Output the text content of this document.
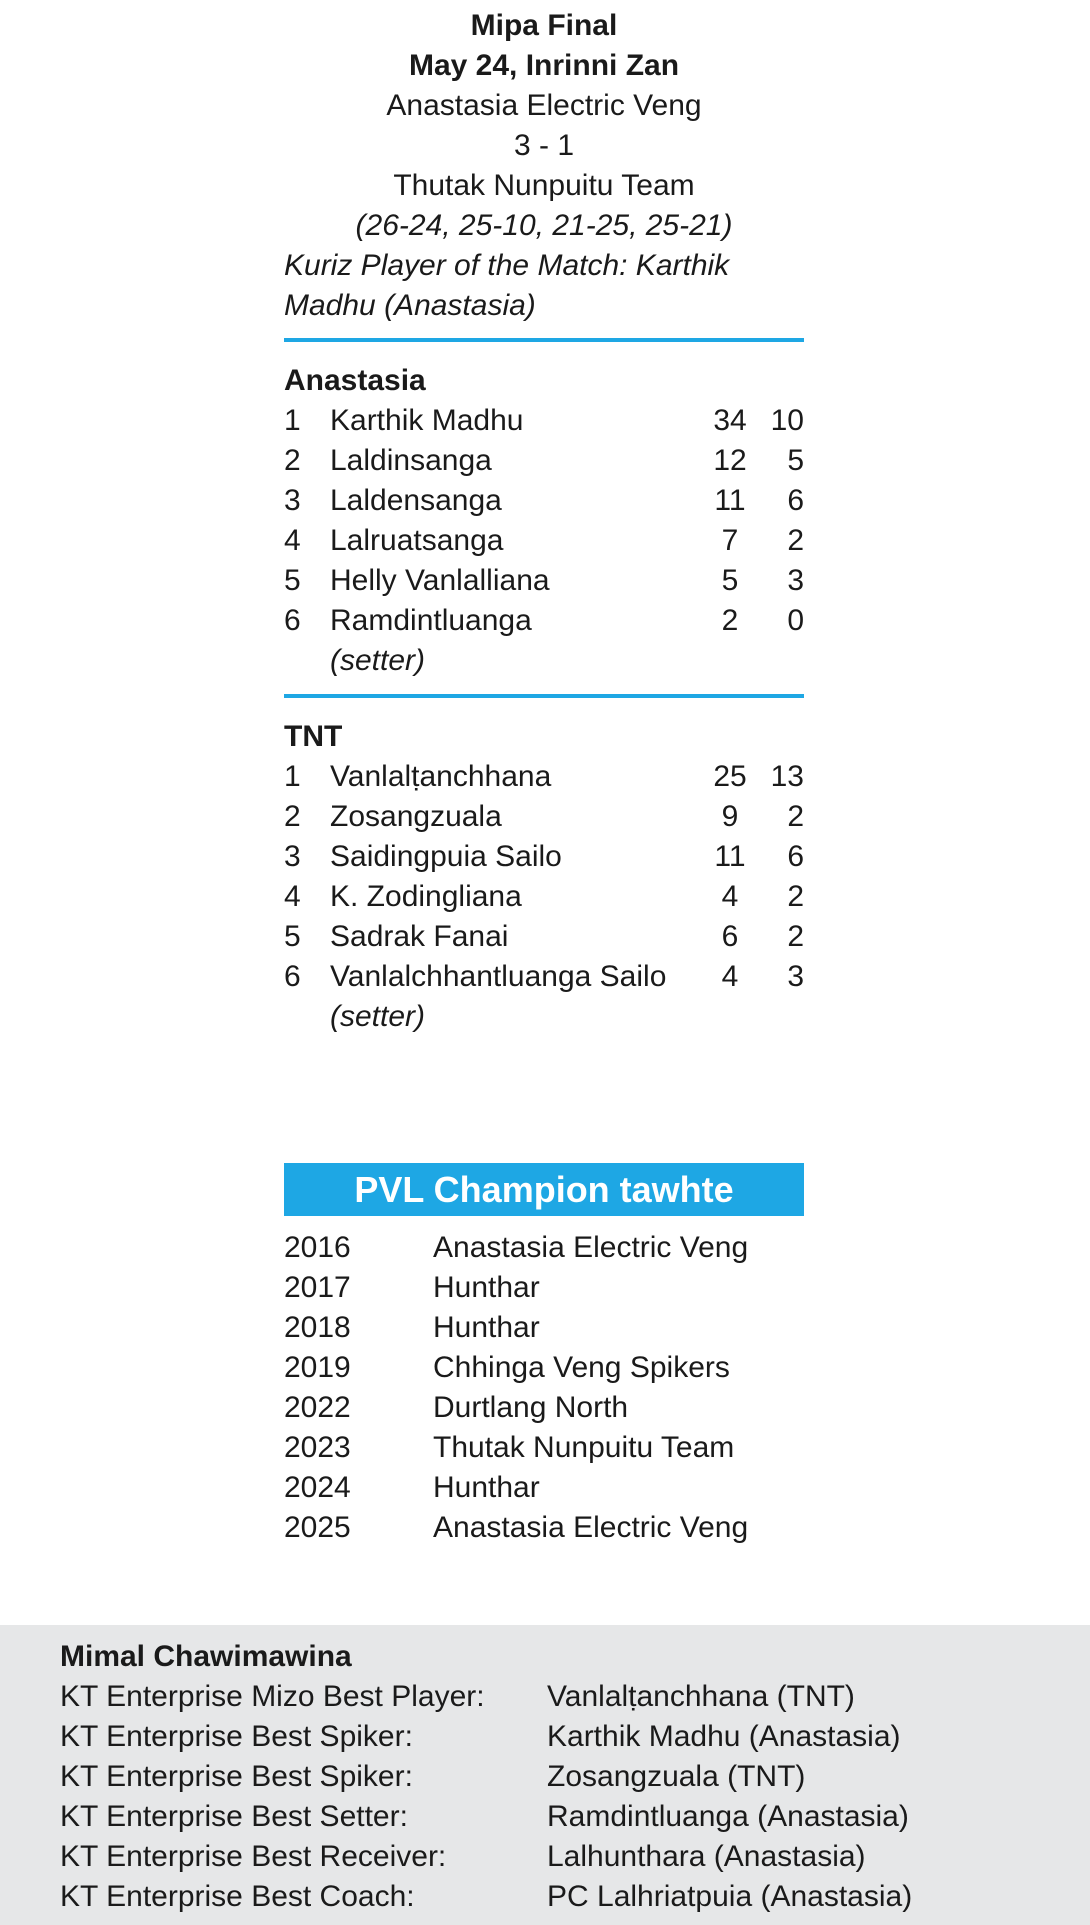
Mipa Final
May 24, Inrinni Zan
Anastasia Electric Veng
3 - 1
Thutak Nunpuitu Team
(26-24, 25-10, 21-25, 25-21)
Kuriz Player of the Match: Karthik
Madhu (Anastasia)
Anastasia
1 Karthik Madhu	34 10
2 Laldinsanga	12	5
3 Laldensanga	11	6
4 Lalruatsanga	7	2
5 Helly Vanlalliana	5	3
6 Ramdintluanga	2	0
(setter)
TNT
1 Vanlalṭanchhana	25 13
2 Zosangzuala	9	2
3 Saidingpuia Sailo	11	6
4 K. Zodingliana	4	2
5 Sadrak Fanai	6	2
6 Vanlalchhantluanga Sailo	4	3
(setter)
PVL Champion tawhte
2016	Anastasia Electric Veng
2017	Hunthar
2018	Hunthar
2019	Chhinga Veng Spikers
2022	Durtlang North
2023	Thutak Nunpuitu Team
2024	Hunthar
2025	Anastasia Electric Veng
Mimal Chawimawina
KT Enterprise Mizo Best Player:	Vanlalṭanchhana (TNT)
KT Enterprise Best Spiker:	Karthik Madhu (Anastasia)
KT Enterprise Best Spiker:	Zosangzuala (TNT)
KT Enterprise Best Setter:	Ramdintluanga (Anastasia)
KT Enterprise Best Receiver:	Lalhunthara (Anastasia)
KT Enterprise Best Coach:	PC Lalhriatpuia (Anastasia)
